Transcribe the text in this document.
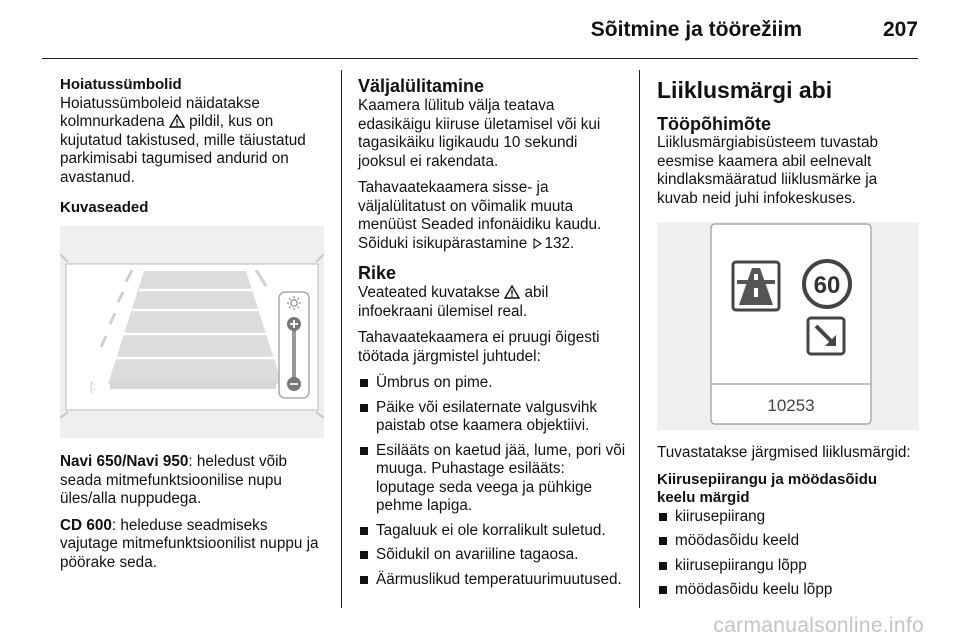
Sõitmine ja töörežiim	207
Hoiatussümbolid

Hoiatussümboleid näidatakse kolmnurkadena pildil, kus on kujutatud takistused, mille täiustatud parkimisabi tagumised andurid on avastanud.

Kuvaseaded

[:

Navi 650/Navi 950: heledust võib seada mitmefunktsioonilise nupu üles/alla nuppudega.

CD 600: heleduse seadmiseks vajutage mitmefunktsioonilist nuppu ja pöörake seda.

Väljalülitamine

Kaamera lülitub välja teatava edasikäigu kiiruse ületamisel või kui tagasikäiku ligikaudu 10 sekundi jooksul ei rakendata.

Tahavaatekaamera sisse- ja väljalülitatust on võimalik muuta menüüst Seaded infonäidiku kaudu. Sõiduki isikupärastamine 132.

Rike

Veateated kuvatakse abil infoekraani ülemisel real.

Tahavaatekaamera ei pruugi õigesti töötada järgmistel juhtudel:

Ümbrus on pime.
Päike või esilaternate valgusvihk paistab otse kaamera objektiivi.
Esilääts on kaetud jää, lume, pori või muuga. Puhastage esilääts: loputage seda veega ja pühkige pehme lapiga.
Tagaluuk ei ole korralikult suletud.
Sõidukil on avariiline tagaosa.
Äärmuslikud temperatuurimuutused.
Liiklusmärgi abi
Tööpõhimõte

Liiklusmärgiabisüsteem tuvastab eesmise kaamera abil eelnevalt kindlaksmääratud liiklusmärke ja kuvab neid juhi infokeskuses.

60
10253

Tuvastatakse järgmised liiklusmärgid:

Kiirusepiirangu ja möödasõidu keelu märgid
kiirusepiirang
möödasõidu keeld
kiirusepiirangu lõpp
möödasõidu keelu lõpp
carmanualsonline.info
